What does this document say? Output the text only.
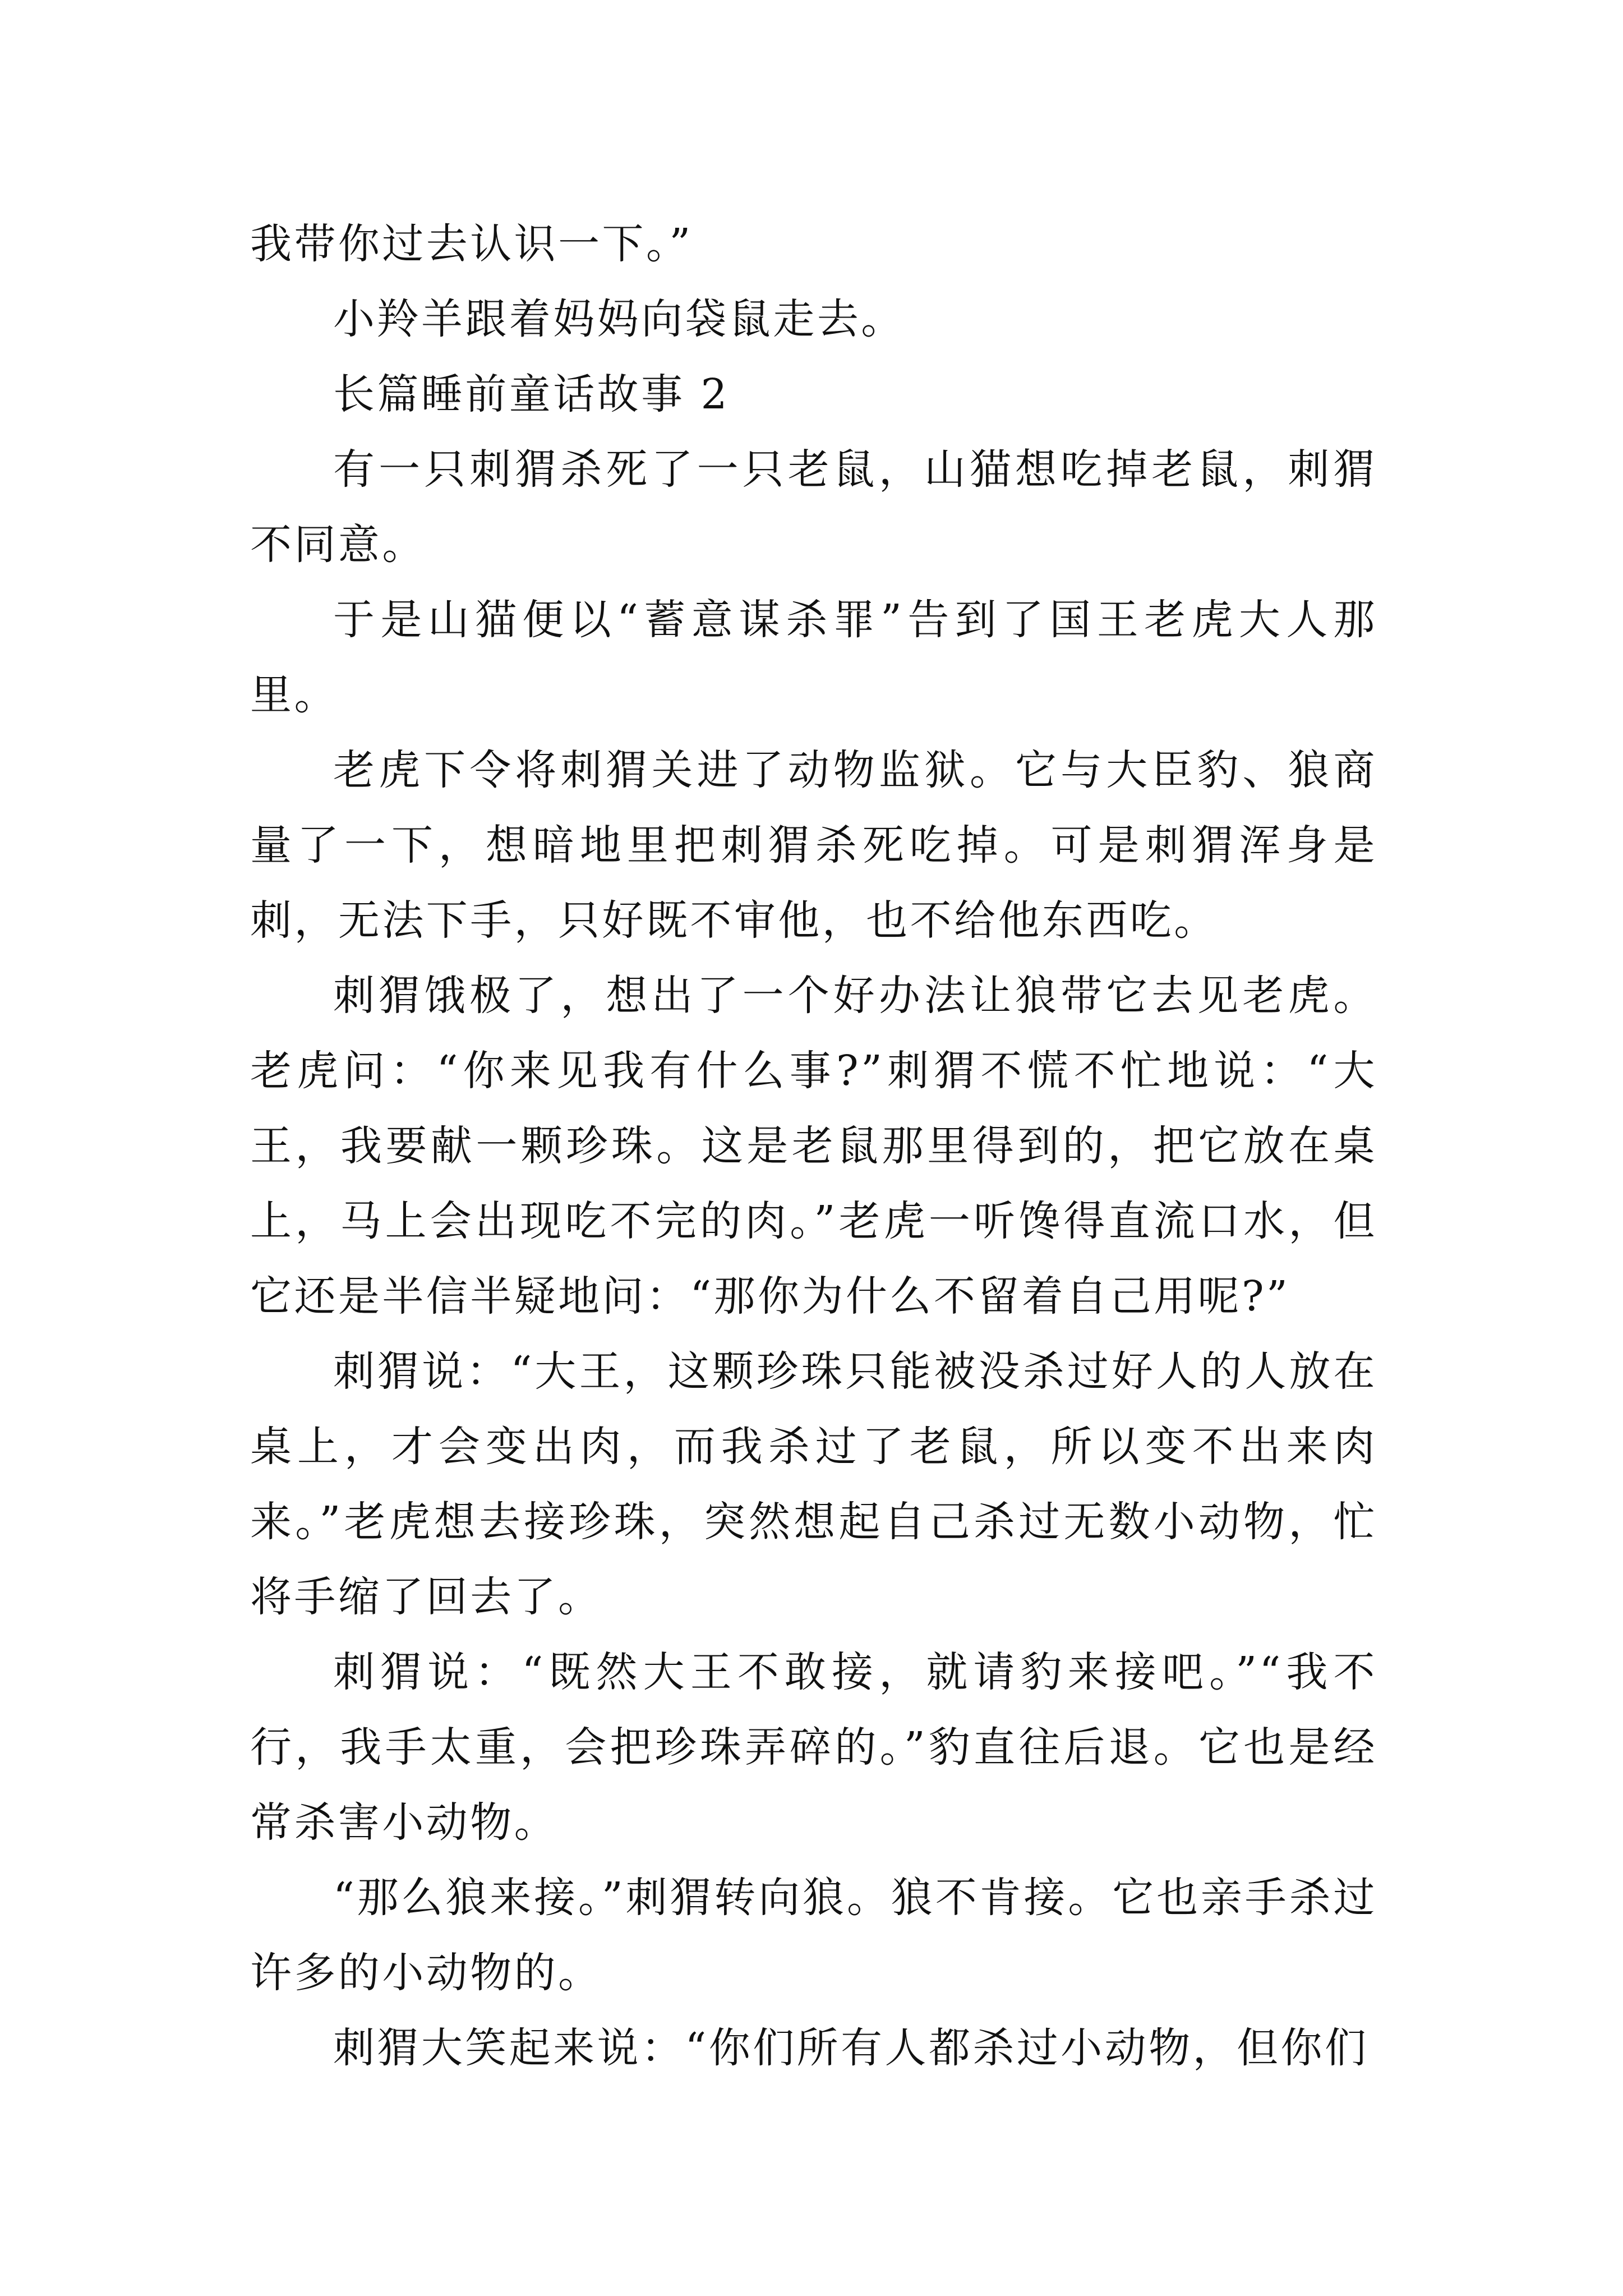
我带你过去认识一下。”

小羚羊跟着妈妈向袋鼠走去。

长篇睡前童话故事 2

有一只刺猬杀死了一只老鼠，山猫想吃掉老鼠，刺猬不同意。

于是山猫便以“蓄意谋杀罪”告到了国王老虎大人那里。

老虎下令将刺猬关进了动物监狱。它与大臣豹、狼商量了一下，想暗地里把刺猬杀死吃掉。可是刺猬浑身是刺，无法下手，只好既不审他，也不给他东西吃。

刺猬饿极了，想出了一个好办法让狼带它去见老虎。老虎问：“你来见我有什么事?”刺猬不慌不忙地说：“大王，我要献一颗珍珠。这是老鼠那里得到的，把它放在桌上，马上会出现吃不完的肉。”老虎一听馋得直流口水，但它还是半信半疑地问：“那你为什么不留着自己用呢?”

刺猬说：“大王，这颗珍珠只能被没杀过好人的人放在桌上，才会变出肉，而我杀过了老鼠，所以变不出来肉来。”老虎想去接珍珠，突然想起自己杀过无数小动物，忙将手缩了回去了。

刺猬说：“既然大王不敢接，就请豹来接吧。”“我不行，我手太重，会把珍珠弄碎的。”豹直往后退。它也是经常杀害小动物。

“那么狼来接。”刺猬转向狼。狼不肯接。它也亲手杀过许多的小动物的。

刺猬大笑起来说：“你们所有人都杀过小动物，但你们
